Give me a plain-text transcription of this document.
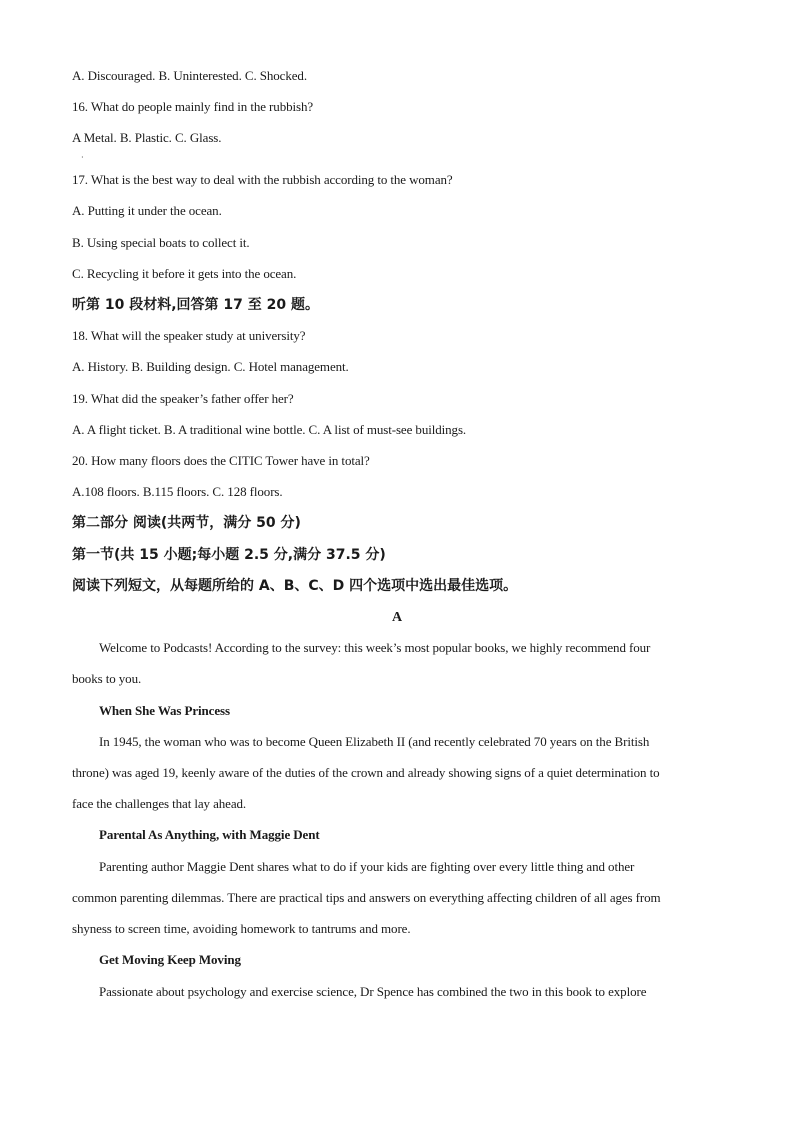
A. Discouraged. B. Uninterested. C. Shocked.
16. What do people mainly find in the rubbish?
A Metal. B. Plastic. C. Glass.
·
17. What is the best way to deal with the rubbish according to the woman?
A. Putting it under the ocean.
B. Using special boats to collect it.
C. Recycling it before it gets into the ocean.
听第 10 段材料,回答第 17 至 20 题。
18. What will the speaker study at university?
A. History. B. Building design. C. Hotel management.
19. What did the speaker’s father offer her?
A. A flight ticket. B. A traditional wine bottle. C. A list of must-see buildings.
20. How many floors does the CITIC Tower have in total?
A.108 floors. B.115 floors. C. 128 floors.
第二部分 阅读(共两节，满分 50 分)
第一节(共 15 小题;每小题 2.5 分,满分 37.5 分)
阅读下列短文，从每题所给的 A、B、C、D 四个选项中选出最佳选项。
A
Welcome to Podcasts! According to the survey: this week’s most popular books, we highly recommend four
books to you.
When She Was Princess
In 1945, the woman who was to become Queen Elizabeth II (and recently celebrated 70 years on the British
throne) was aged 19, keenly aware of the duties of the crown and already showing signs of a quiet determination to
face the challenges that lay ahead.
Parental As Anything, with Maggie Dent
Parenting author Maggie Dent shares what to do if your kids are fighting over every little thing and other
common parenting dilemmas. There are practical tips and answers on everything affecting children of all ages from
shyness to screen time, avoiding homework to tantrums and more.
Get Moving Keep Moving
Passionate about psychology and exercise science, Dr Spence has combined the two in this book to explore
